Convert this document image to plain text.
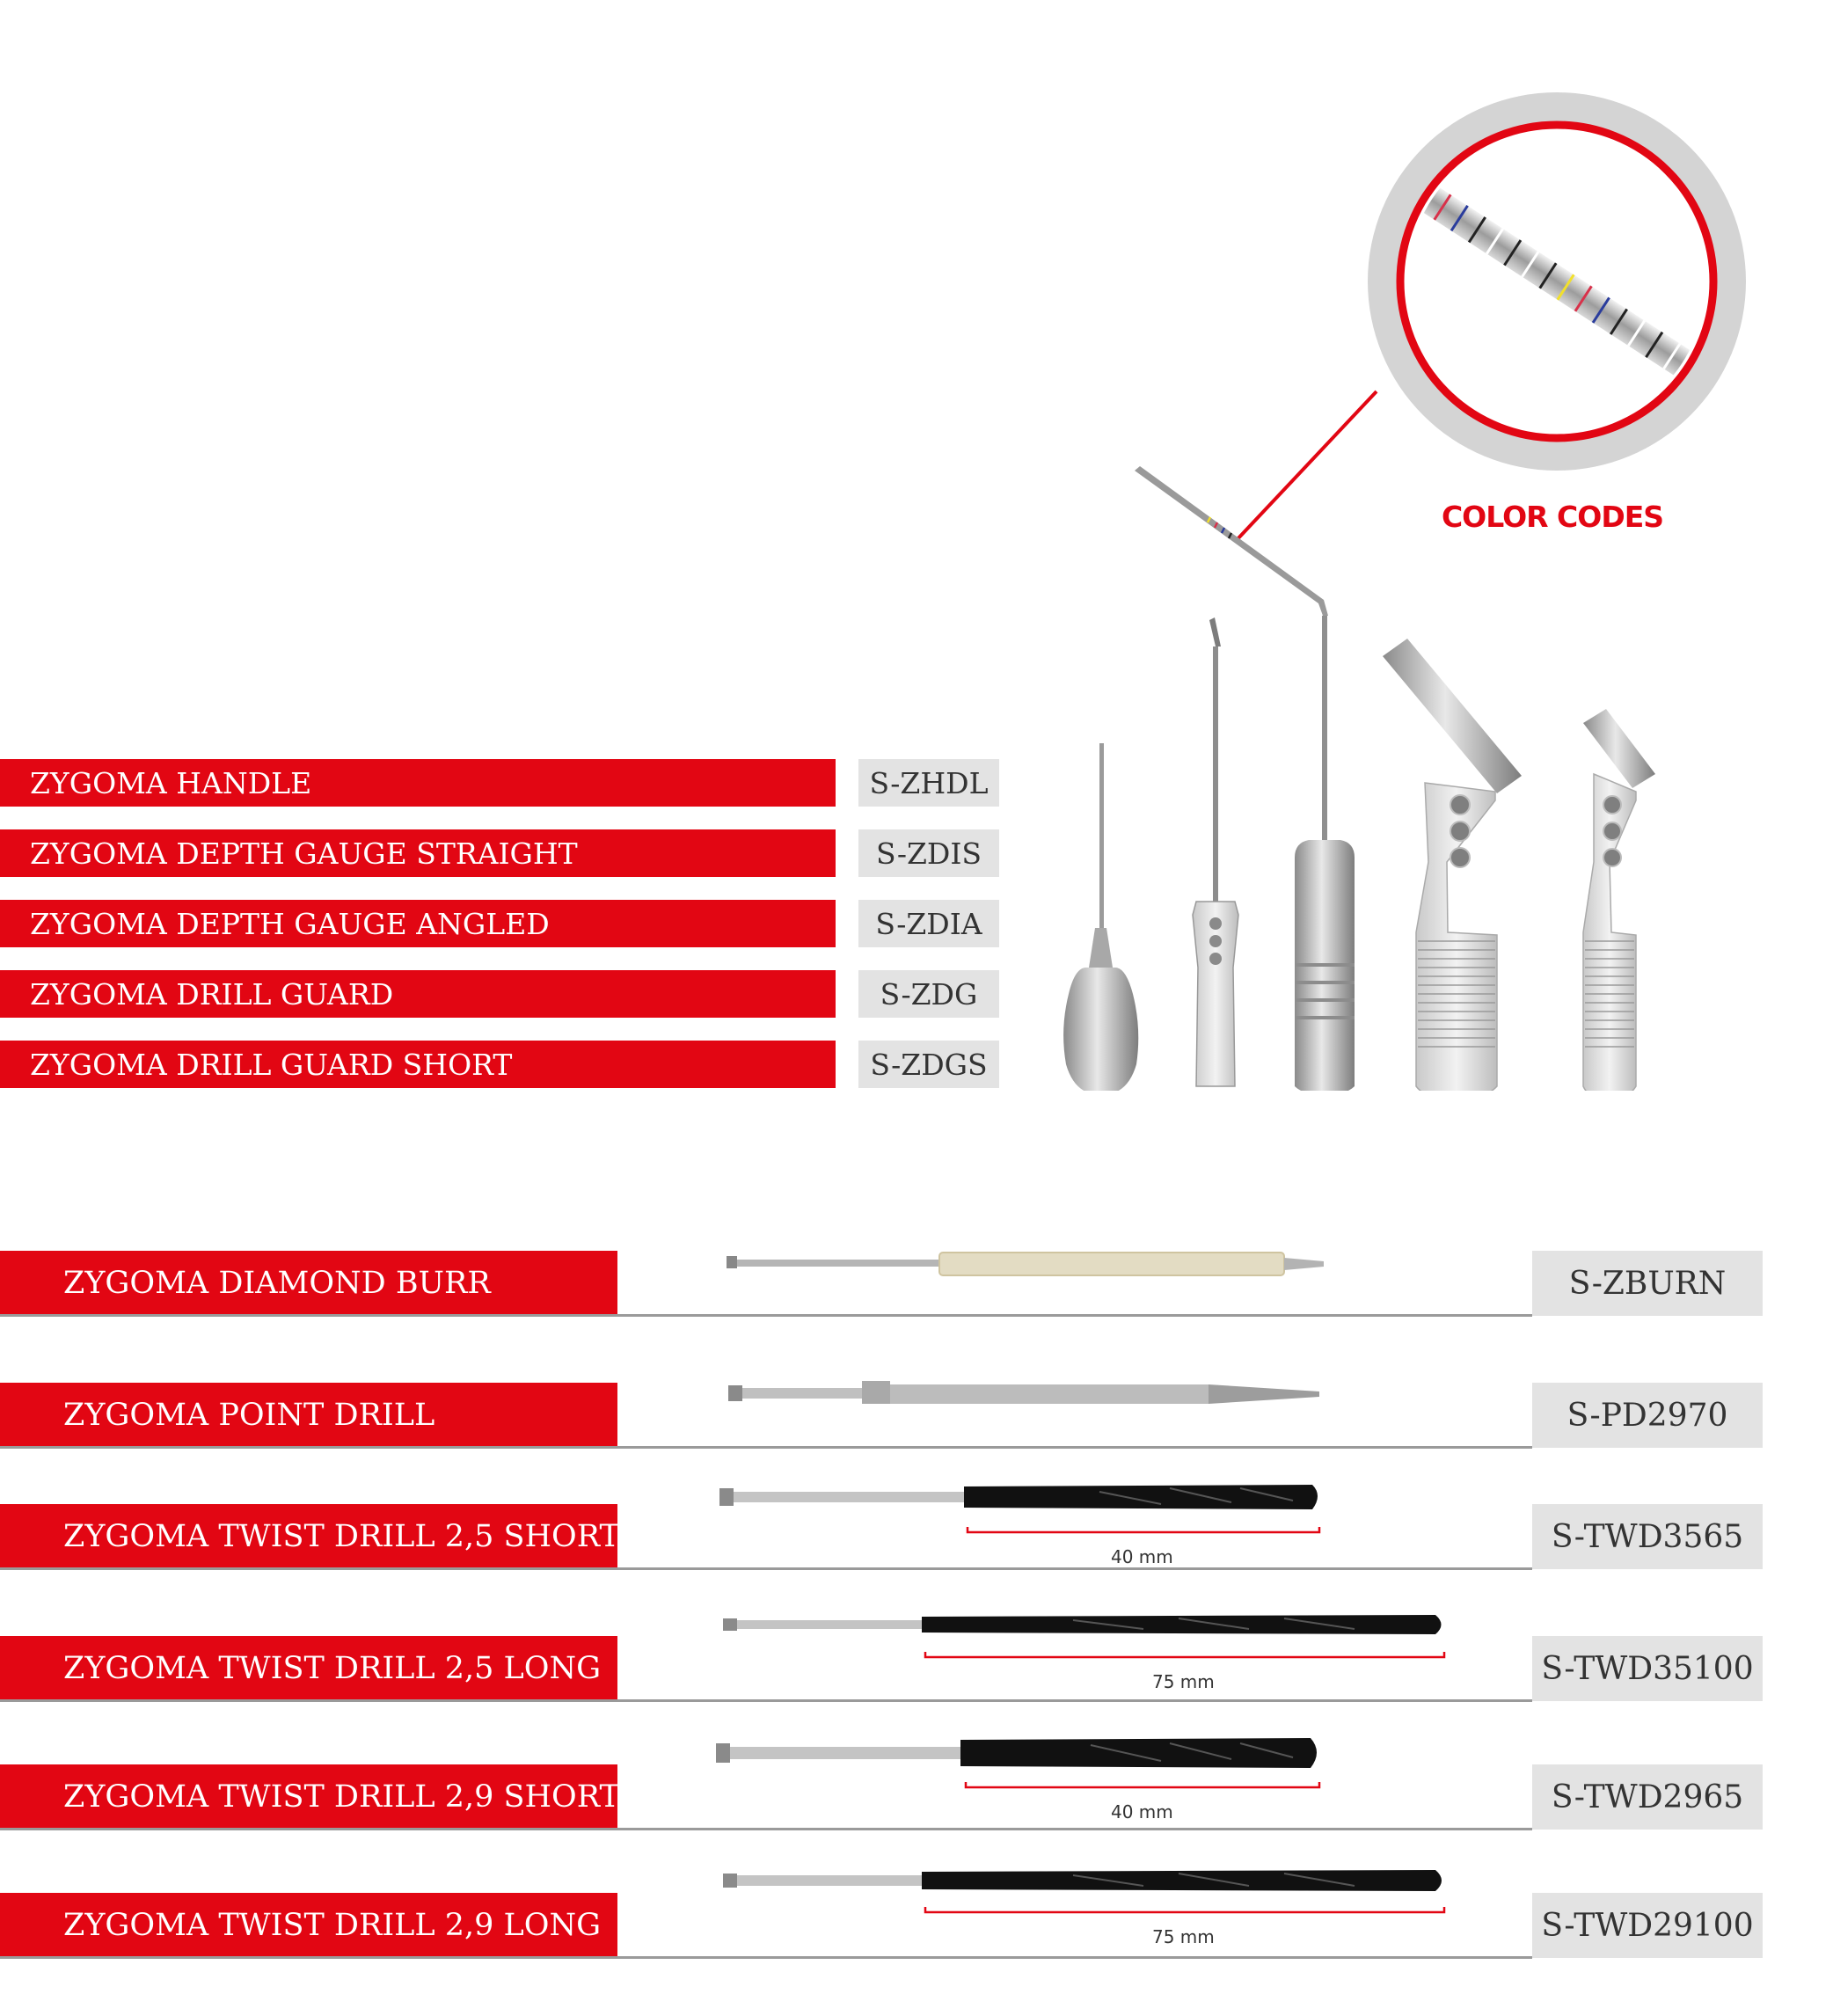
COLOR CODES
ZYGOMA HANDLE	S-ZHDL
ZYGOMA DEPTH GAUGE STRAIGHT	S-ZDIS
ZYGOMA DEPTH GAUGE ANGLED	S-ZDIA
ZYGOMA DRILL GUARD	S-ZDG
ZYGOMA DRILL GUARD SHORT	S-ZDGS
ZYGOMA DIAMOND BURR	S-ZBURN
ZYGOMA POINT DRILL	S-PD2970
ZYGOMA TWIST DRILL 2,5 SHORT	S-TWD3565
40 mm
ZYGOMA TWIST DRILL 2,5 LONG	S-TWD35100
75 mm
ZYGOMA TWIST DRILL 2,9 SHORT	S-TWD2965
40 mm
ZYGOMA TWIST DRILL 2,9 LONG	S-TWD29100
75 mm
